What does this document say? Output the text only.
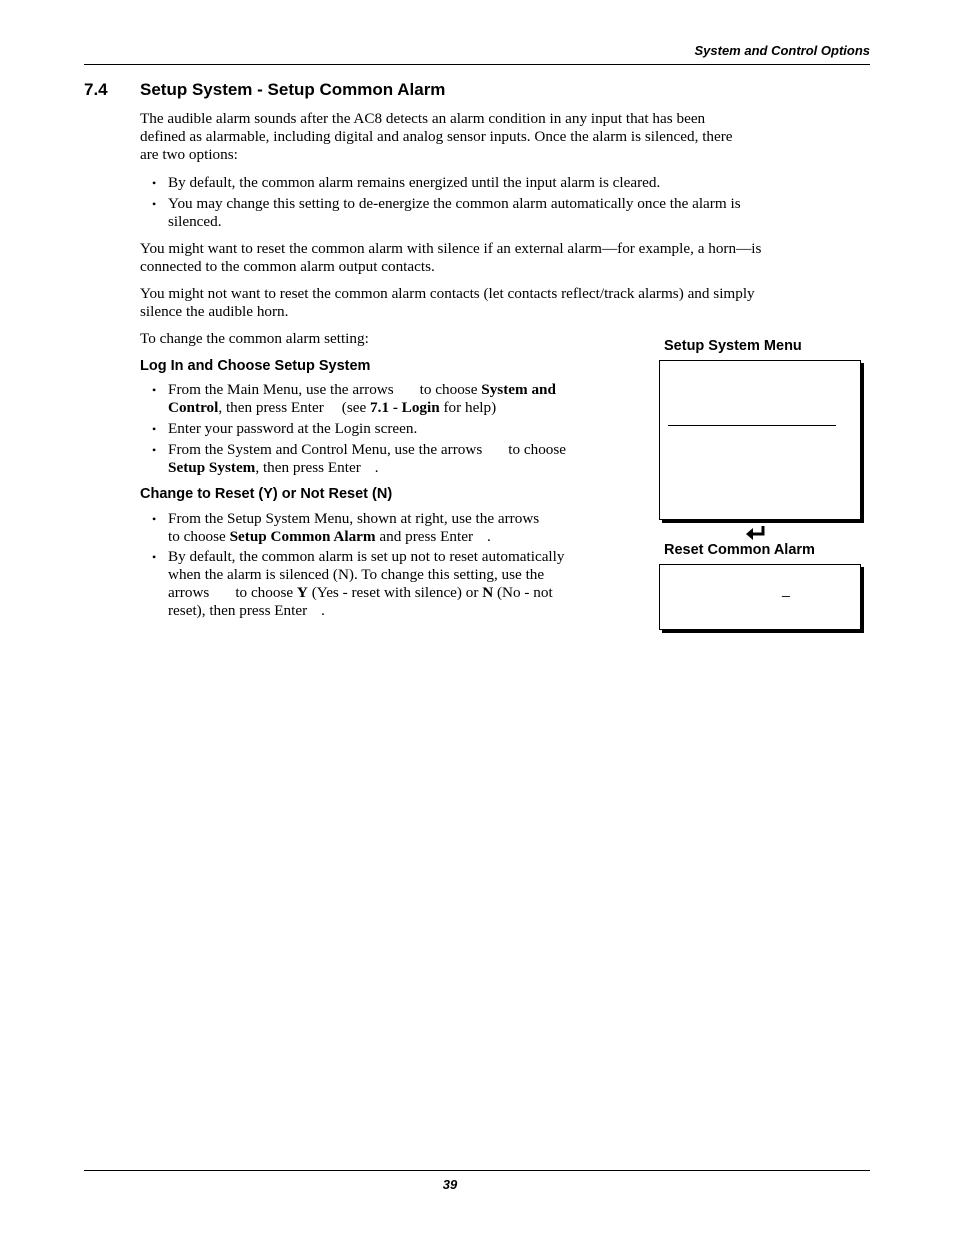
System and Control Options
7.4 Setup System - Setup Common Alarm
The audible alarm sounds after the AC8 detects an alarm condition in any input that has been
defined as alarmable, including digital and analog sensor inputs. Once the alarm is silenced, there
are two options:
• By default, the common alarm remains energized until the input alarm is cleared.
• You may change this setting to de-energize the common alarm automatically once the alarm is
silenced.
You might want to reset the common alarm with silence if an external alarm—for example, a horn—is
connected to the common alarm output contacts.
You might not want to reset the common alarm contacts (let contacts reflect/track alarms) and simply
silence the audible horn.
To change the common alarm setting:
Log In and Choose Setup System
• From the Main Menu, use the arrows to choose System and
Control, then press Enter (see 7.1 - Login for help)
• Enter your password at the Login screen.
• From the System and Control Menu, use the arrows to choose
Setup System, then press Enter .
Change to Reset (Y) or Not Reset (N)
• From the Setup System Menu, shown at right, use the arrows
to choose Setup Common Alarm and press Enter .
• By default, the common alarm is set up not to reset automatically
when the alarm is silenced (N). To change this setting, use the
arrows to choose Y (Yes - reset with silence) or N (No - not
reset), then press Enter .
Setup System Menu
Reset Common Alarm
_
39
